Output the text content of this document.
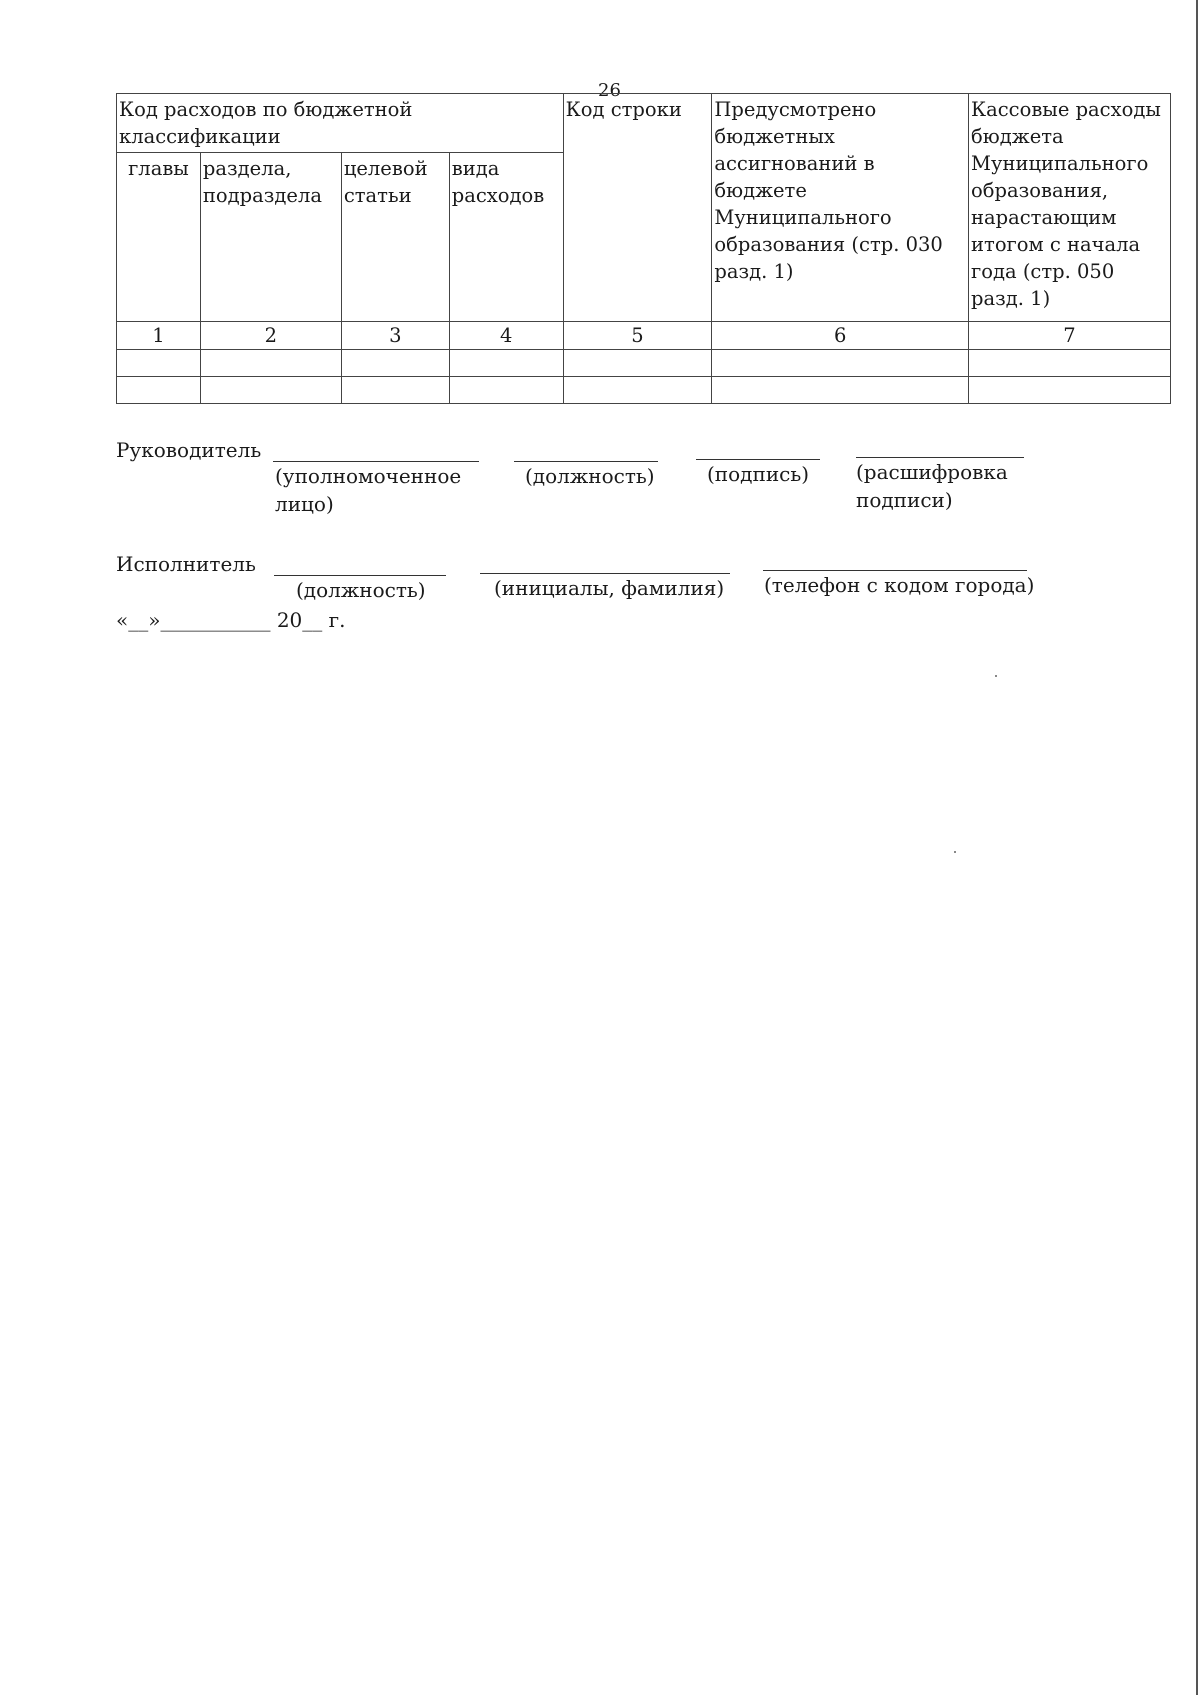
26
Код расходов по бюджетной классификации				Код строки	Предусмотрено бюджетных ассигнований в бюджете Муниципального образования (стр. 030 разд. 1)	Кассовые расходы бюджета Муниципального образования, нарастающим итогом с начала года (стр. 050 разд. 1)
главы	раздела, подраздела	целевой статьи	вида расходов			
1	2	3	4	5	6	7

Руководитель
(уполномоченное лицо)
(должность)	(подпись) (расшифровка подписи)
Исполнитель
(должность)	(инициалы, фамилия) (телефон с кодом города)
«__»___________ 20__ г.
